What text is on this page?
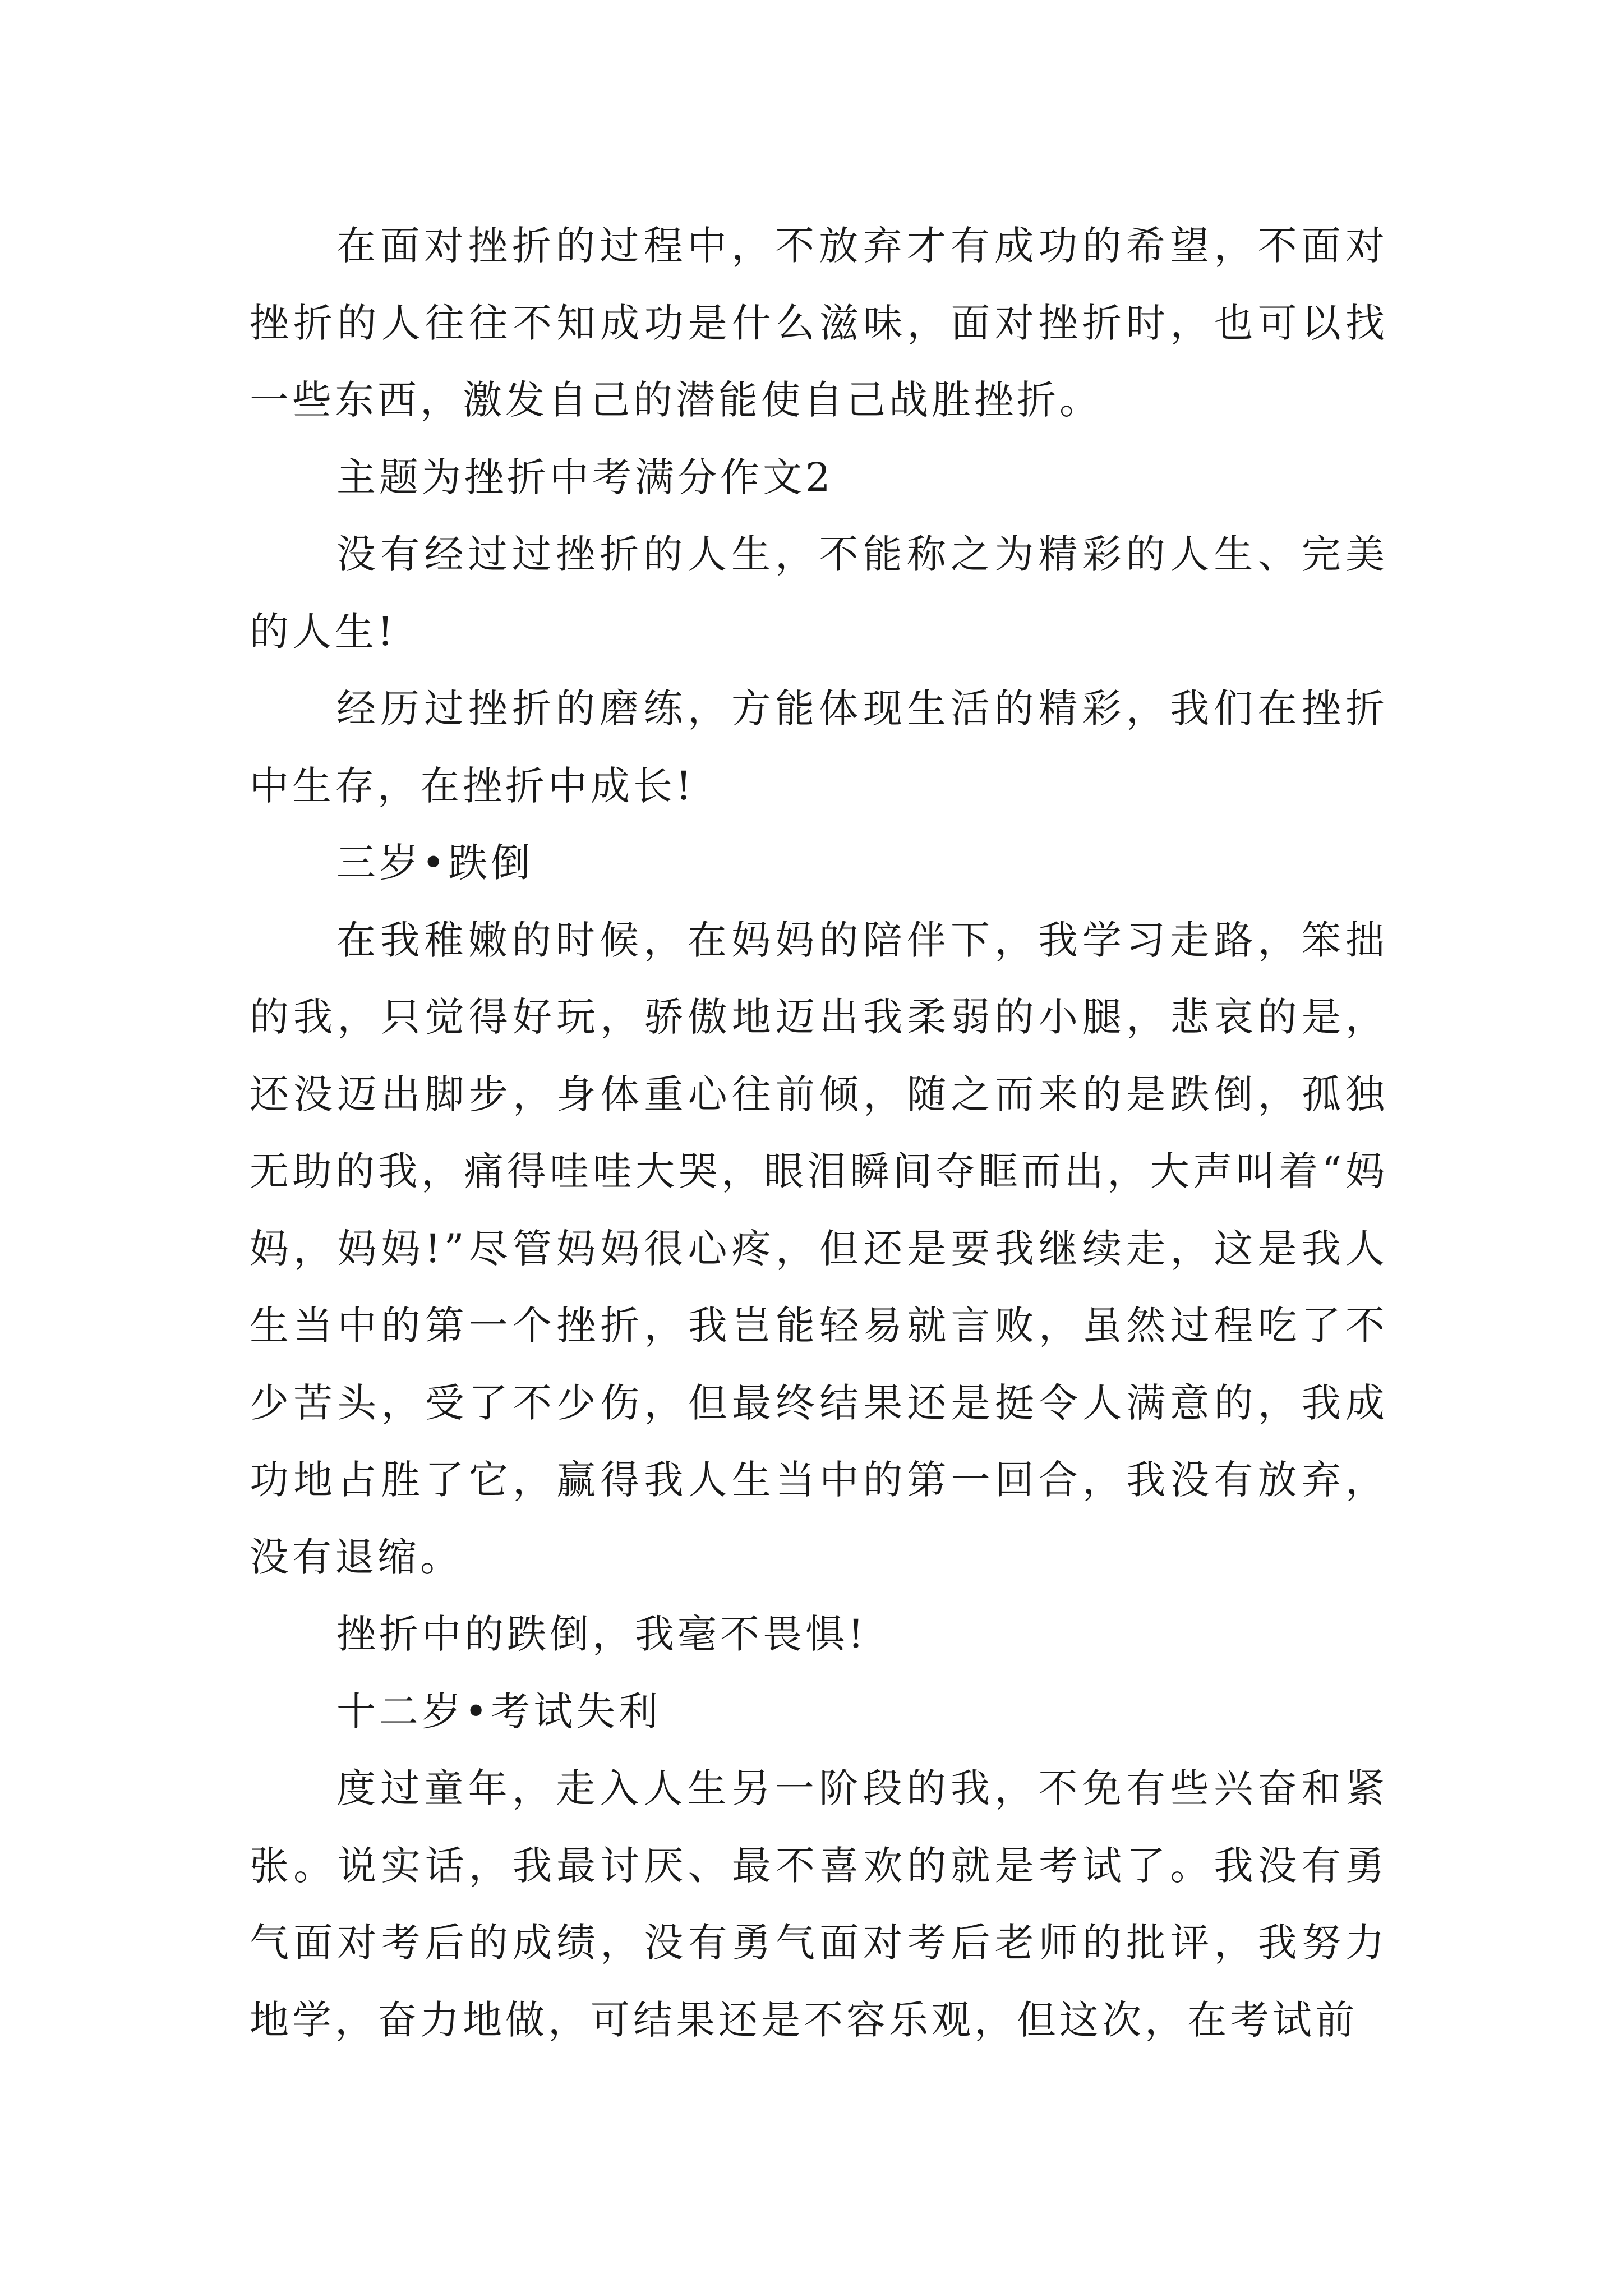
在面对挫折的过程中，不放弃才有成功的希望，不面对挫折的人往往不知成功是什么滋味，面对挫折时，也可以找一些东西，激发自己的潜能使自己战胜挫折。

主题为挫折中考满分作文2

没有经过过挫折的人生，不能称之为精彩的人生、完美的人生!

经历过挫折的磨练，方能体现生活的精彩，我们在挫折中生存，在挫折中成长!

三岁•跌倒

在我稚嫩的时候，在妈妈的陪伴下，我学习走路，笨拙的我，只觉得好玩，骄傲地迈出我柔弱的小腿，悲哀的是，还没迈出脚步，身体重心往前倾，随之而来的是跌倒，孤独无助的我，痛得哇哇大哭，眼泪瞬间夺眶而出，大声叫着“妈妈，妈妈!”尽管妈妈很心疼，但还是要我继续走，这是我人生当中的第一个挫折，我岂能轻易就言败，虽然过程吃了不少苦头，受了不少伤，但最终结果还是挺令人满意的，我成功地占胜了它，赢得我人生当中的第一回合，我没有放弃，没有退缩。

挫折中的跌倒，我毫不畏惧!

十二岁•考试失利

度过童年，走入人生另一阶段的我，不免有些兴奋和紧张。说实话，我最讨厌、最不喜欢的就是考试了。我没有勇气面对考后的成绩，没有勇气面对考后老师的批评，我努力地学，奋力地做，可结果还是不容乐观，但这次，在考试前
